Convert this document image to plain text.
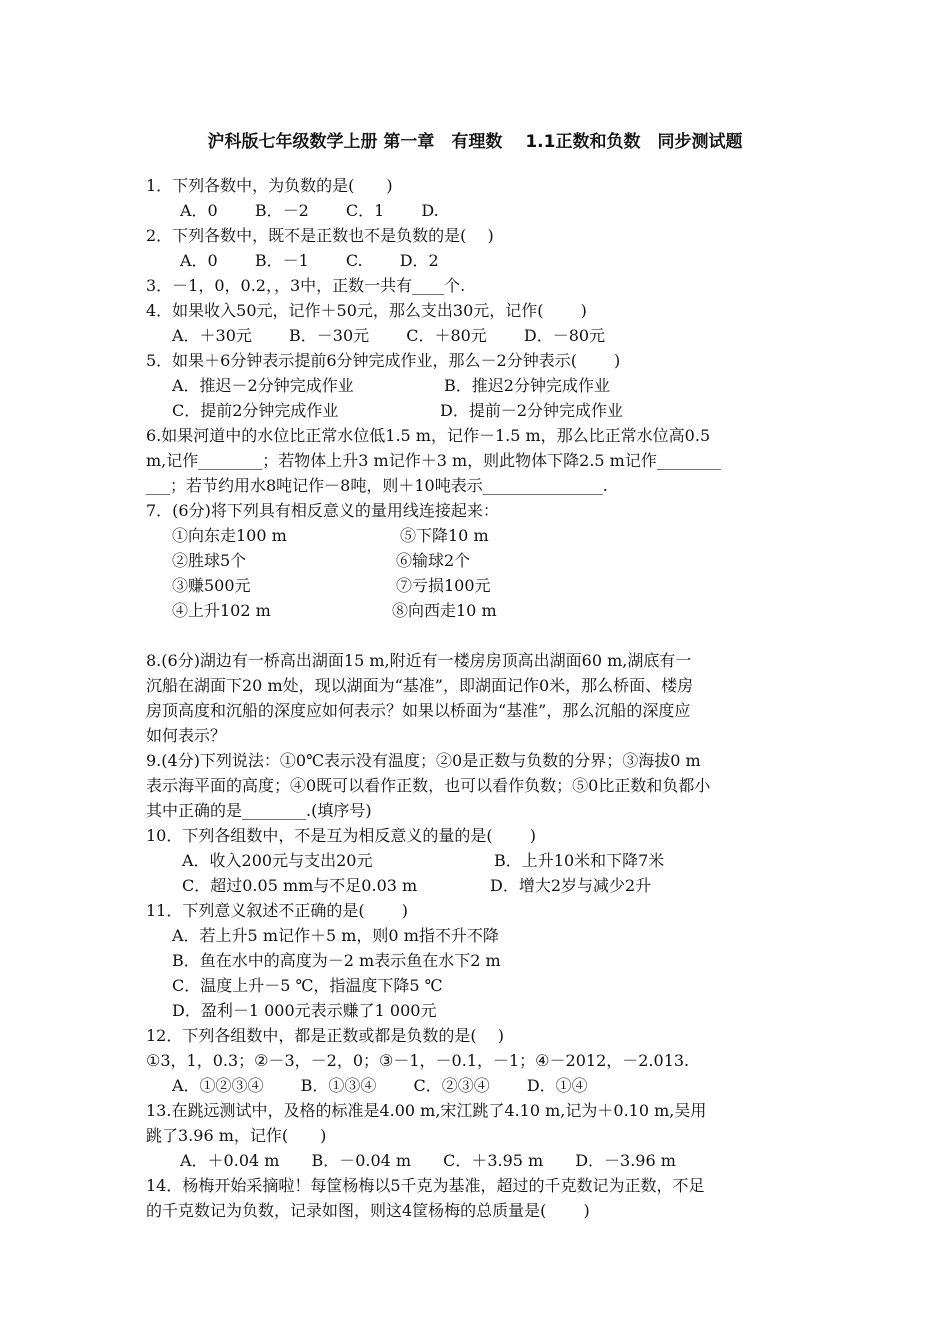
沪科版七年级数学上册 第一章　有理数　 1.1正数和负数　同步测试题
1．下列各数中，为负数的是(　　)
A．0　　 B．－2　　 C．1　　 D.
2．下列各数中，既不是正数也不是负数的是(　 )
A．0　　 B．－1　　 C.　　 D．2
3．－1，0，0.2，，3中，正数一共有____个.
4．如果收入50元，记作＋50元，那么支出30元，记作(　　 )
A．＋30元　　 B．－30元　　 C．＋80元　　 D．－80元
5．如果＋6分钟表示提前6分钟完成作业，那么－2分钟表示(　　 )
A．推迟－2分钟完成作业	B．推迟2分钟完成作业
C．提前2分钟完成作业	D．提前－2分钟完成作业
6.如果河道中的水位比正常水位低1.5 m，记作－1.5 m，那么比正常水位高0.5
m,记作________；若物体上升3 m记作＋3 m，则此物体下降2.5 m记作________
___；若节约用水8吨记作－8吨，则＋10吨表示_______________.
7．(6分)将下列具有相反意义的量用线连接起来：
①向东走100 m	⑤下降10 m
②胜球5个	⑥输球2个
③赚500元	⑦亏损100元
④上升102 m	⑧向西走10 m
8.(6分)湖边有一桥高出湖面15 m,附近有一楼房房顶高出湖面60 m,湖底有一
沉船在湖面下20 m处，现以湖面为“基准”，即湖面记作0米，那么桥面、楼房
房顶高度和沉船的深度应如何表示？如果以桥面为“基准”，那么沉船的深度应
如何表示？
9.(4分)下列说法：①0℃表示没有温度；②0是正数与负数的分界；③海拔0 m
表示海平面的高度；④0既可以看作正数，也可以看作负数；⑤0比正数和负都小
其中正确的是________.(填序号)
10．下列各组数中，不是互为相反意义的量的是(　　 )
A．收入200元与支出20元	B．上升10米和下降7米
C．超过0.05 mm与不足0.03 m	D．增大2岁与减少2升
11．下列意义叙述不正确的是(　　 )
A．若上升5 m记作＋5 m，则0 m指不升不降
B．鱼在水中的高度为－2 m表示鱼在水下2 m
C．温度上升－5 ℃，指温度下降5 ℃
D．盈利－1 000元表示赚了1 000元
12．下列各组数中，都是正数或都是负数的是(　 )
①3，1，0.3；②－3，－2，0；③－1，－0.1，－1；④－2012，－2.013.
A．①②③④　　 B．①③④　　 C．②③④　　 D．①④
13.在跳远测试中，及格的标准是4.00 m,宋江跳了4.10 m,记为＋0.10 m,吴用
跳了3.96 m，记作(　　)
A．＋0.04 m　　B．－0.04 m　　C．＋3.95 m　　D．－3.96 m
14．杨梅开始采摘啦！每筐杨梅以5千克为基准，超过的千克数记为正数，不足
的千克数记为负数，记录如图，则这4筐杨梅的总质量是(　　 )
